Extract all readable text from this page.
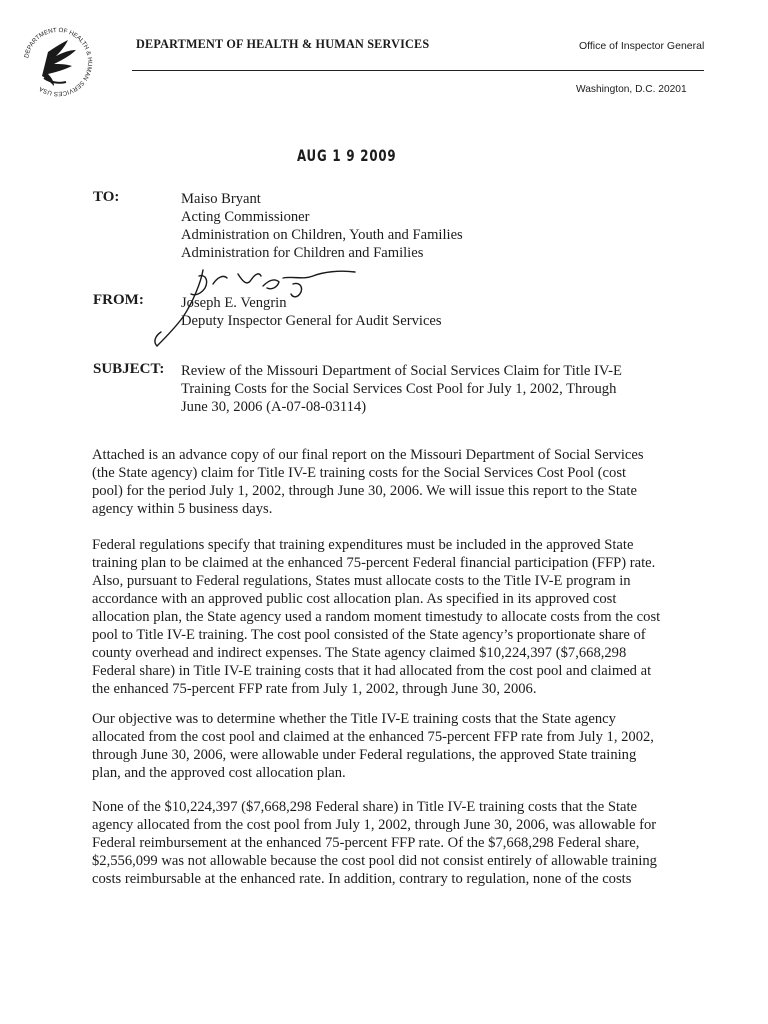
DEPARTMENT OF HEALTH & HUMAN SERVICES USA
DEPARTMENT OF HEALTH & HUMAN SERVICES	Office of Inspector General
Washington, D.C. 20201
AUG 1 9 2009
TO:	Maiso Bryant
Acting Commissioner
Administration on Children, Youth and Families
Administration for Children and Families
FROM:	Joseph E. Vengrin
Deputy Inspector General for Audit Services
SUBJECT: Review of the Missouri Department of Social Services Claim for Title IV-E
Training Costs for the Social Services Cost Pool for July 1, 2002, Through
June 30, 2006 (A-07-08-03114)
Attached is an advance copy of our final report on the Missouri Department of Social Services
(the State agency) claim for Title IV-E training costs for the Social Services Cost Pool (cost
pool) for the period July 1, 2002, through June 30, 2006. We will issue this report to the State
agency within 5 business days.
Federal regulations specify that training expenditures must be included in the approved State
training plan to be claimed at the enhanced 75-percent Federal financial participation (FFP) rate.
Also, pursuant to Federal regulations, States must allocate costs to the Title IV-E program in
accordance with an approved public cost allocation plan. As specified in its approved cost
allocation plan, the State agency used a random moment timestudy to allocate costs from the cost
pool to Title IV-E training. The cost pool consisted of the State agency’s proportionate share of
county overhead and indirect expenses. The State agency claimed $10,224,397 ($7,668,298
Federal share) in Title IV-E training costs that it had allocated from the cost pool and claimed at
the enhanced 75-percent FFP rate from July 1, 2002, through June 30, 2006.
Our objective was to determine whether the Title IV-E training costs that the State agency
allocated from the cost pool and claimed at the enhanced 75-percent FFP rate from July 1, 2002,
through June 30, 2006, were allowable under Federal regulations, the approved State training
plan, and the approved cost allocation plan.
None of the $10,224,397 ($7,668,298 Federal share) in Title IV-E training costs that the State
agency allocated from the cost pool from July 1, 2002, through June 30, 2006, was allowable for
Federal reimbursement at the enhanced 75-percent FFP rate. Of the $7,668,298 Federal share,
$2,556,099 was not allowable because the cost pool did not consist entirely of allowable training
costs reimbursable at the enhanced rate. In addition, contrary to regulation, none of the costs
